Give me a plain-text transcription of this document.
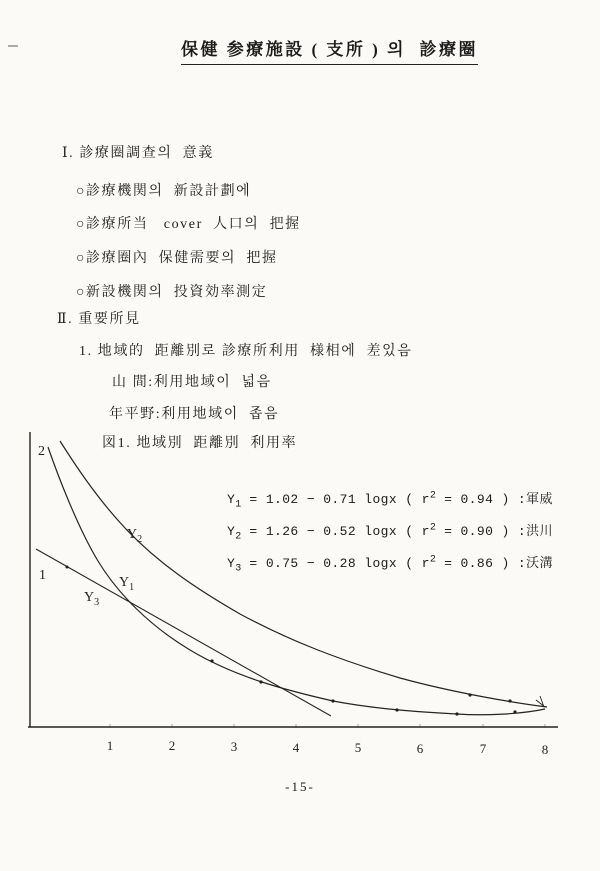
保健 参療施設 ( 支所 ) 의  診療圈
Ⅰ. 診療圈調查의  意義
○診療機関의  新設計劃에
○診療所当   cover  人口의  把握
○診療圈內  保健需要의  把握
○新設機関의  投資効率測定
Ⅱ. 重要所見
1. 地域的  距離別로 診療所利用  様相에  差있음
山 間:利用地域이  넓음
年平野:利用地域이  좁음
図1. 地域別  距離別  利用率
$Y_1 = 1.02 - 0.71$ logx ( $r^2 = 0.94$ ) :軍威
$Y_2 = 1.26 - 0.52$ logx ( $r^2 = 0.90$ ) :洪川
$Y_3 = 0.75 - 0.28$ logx ( $r^2 = 0.86$ ) :沃溝
2
1
$Y_2$
$Y_1$
$Y_3$
1	2	3	4	5	6	7	8
-15-
